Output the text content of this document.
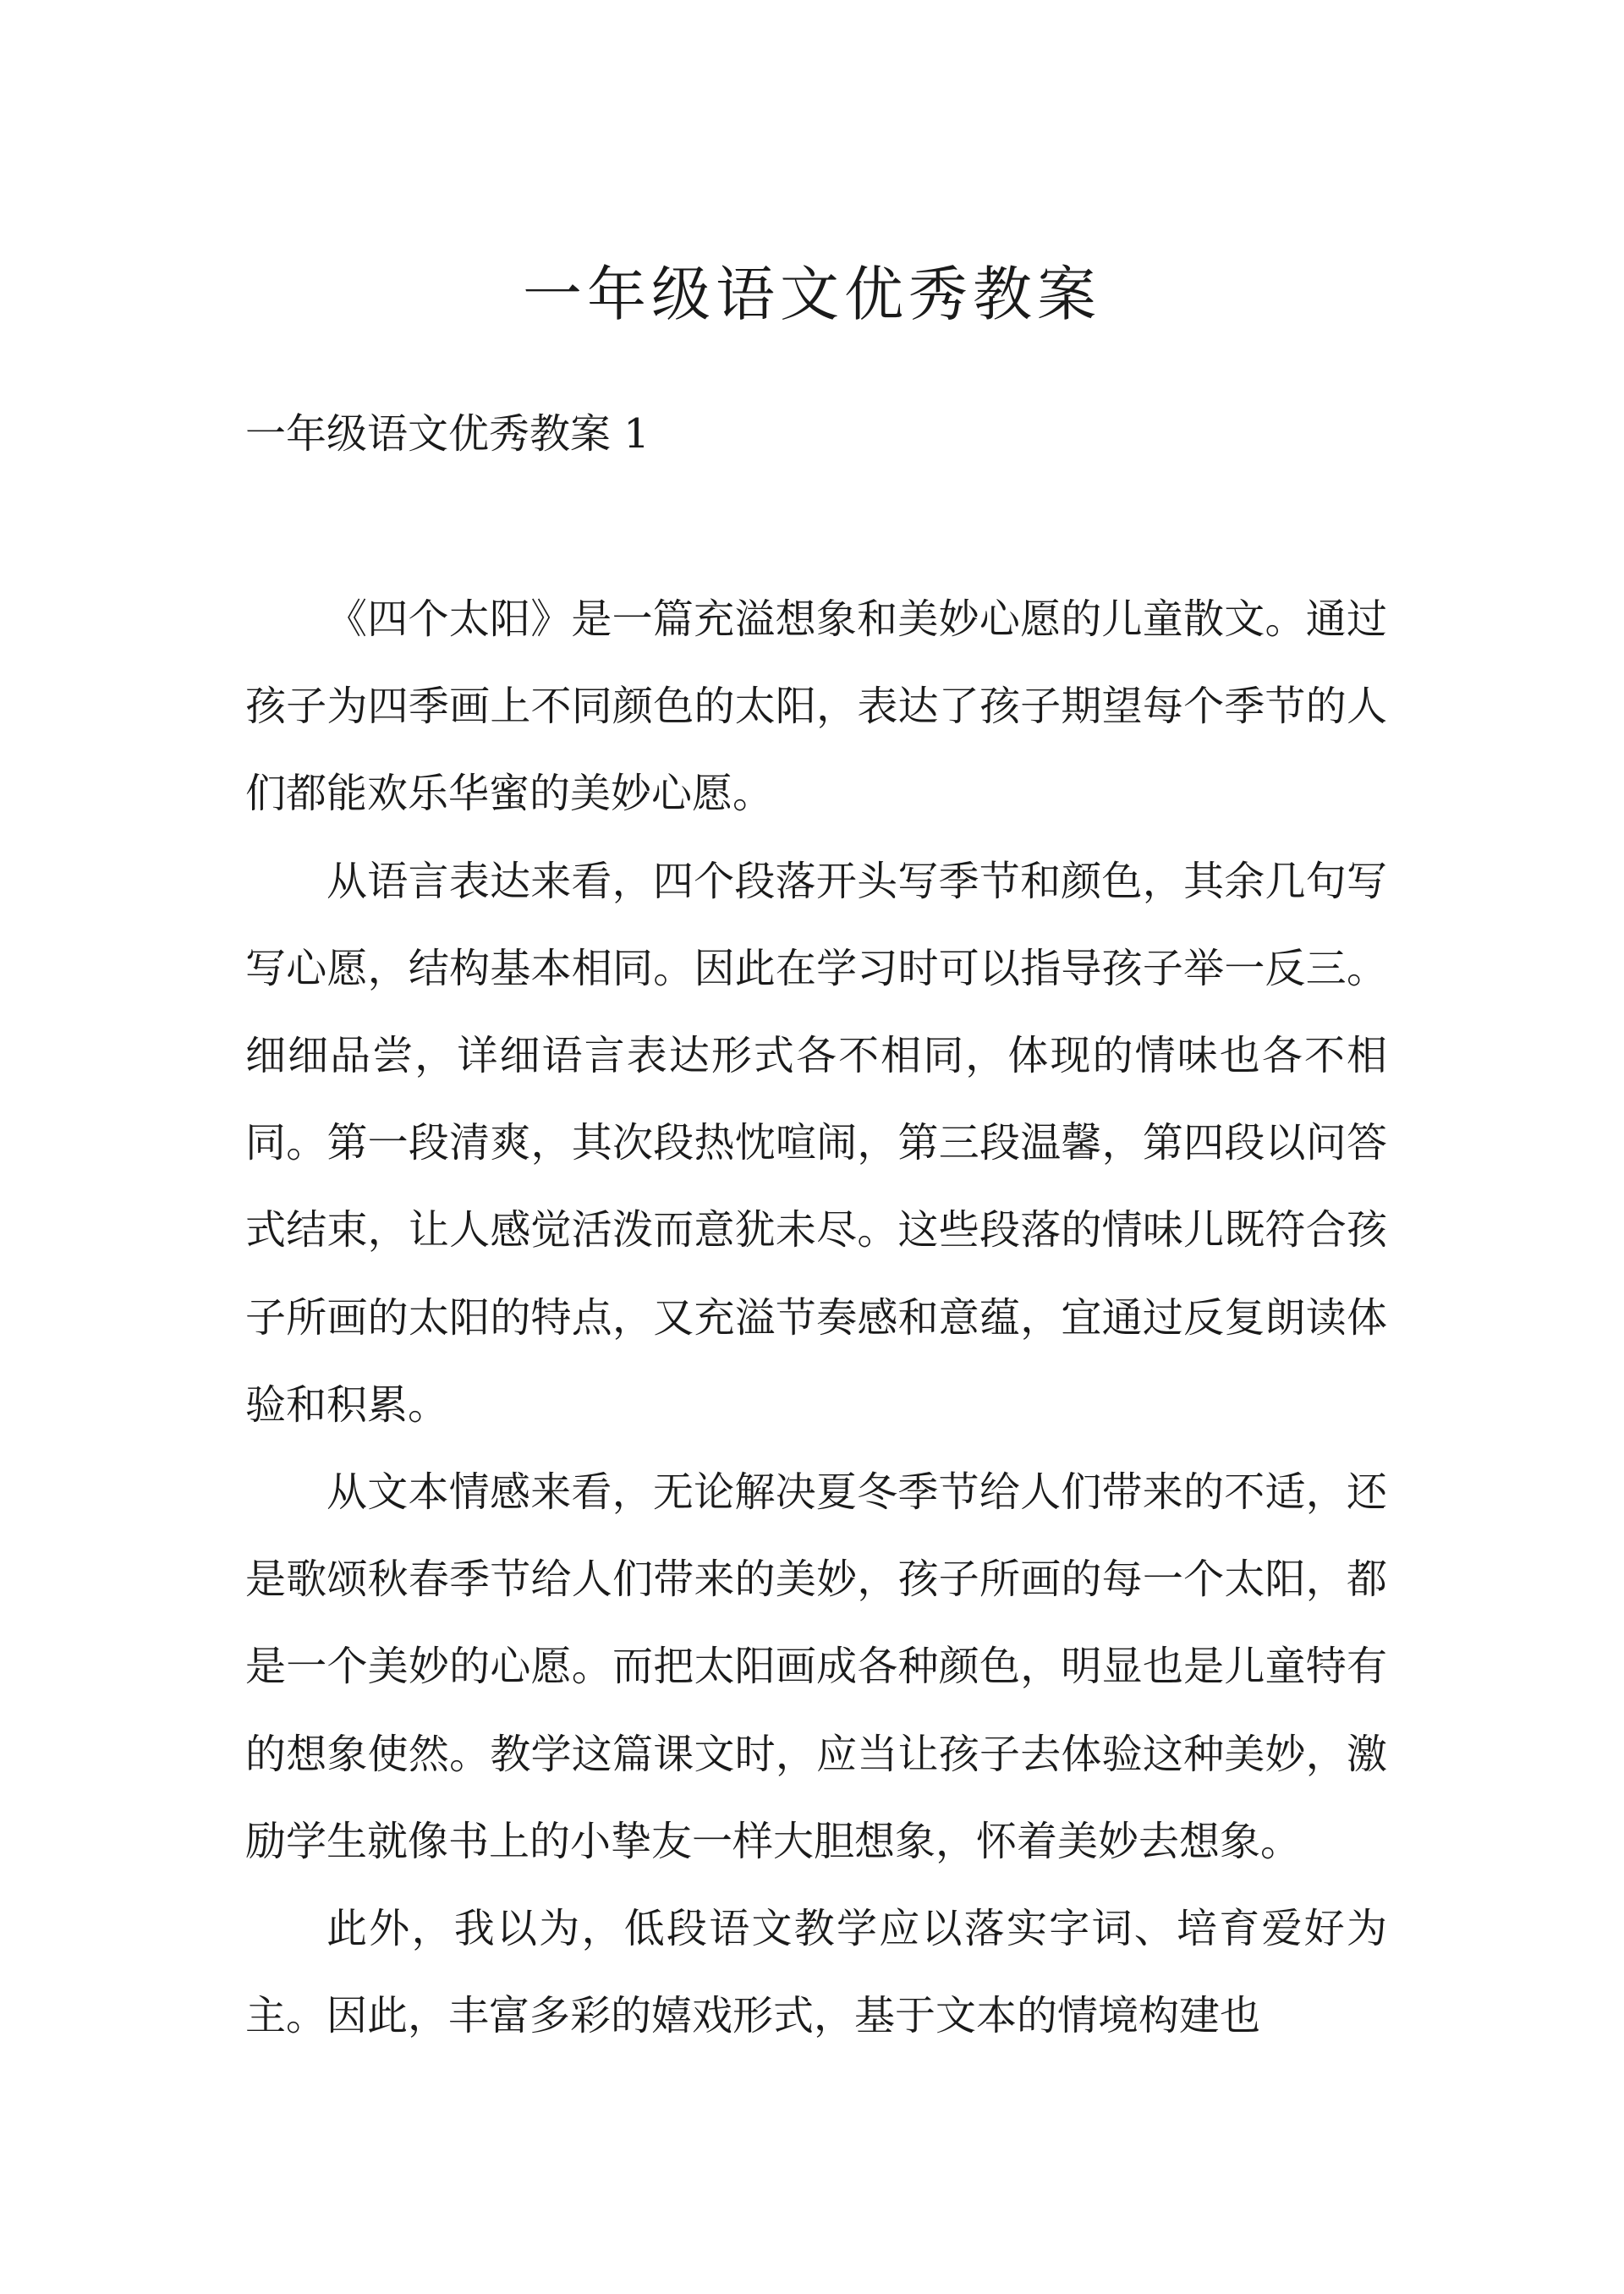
一年级语文优秀教案
一年级语文优秀教案 1

《四个太阳》是一篇充溢想象和美妙心愿的儿童散文。通过孩子为四季画上不同颜色的太阳，表达了孩子期望每个季节的人们都能欢乐华蜜的美妙心愿。

从语言表达来看，四个段落开头写季节和颜色，其余几句写写心愿，结构基本相同。因此在学习时可以指导孩子举一反三。细细品尝，详细语言表达形式各不相同，体现的情味也各不相同。第一段清爽，其次段热忱喧闹，第三段温馨，第四段以问答式结束，让人感觉活泼而意犹未尽。这些段落的情味儿既符合孩子所画的太阳的特点，又充溢节奏感和意蕴，宜通过反复朗读体验和积累。

从文本情感来看，无论解决夏冬季节给人们带来的不适，还是歌颂秋春季节给人们带来的美妙，孩子所画的每一个太阳，都是一个美妙的心愿。而把太阳画成各种颜色，明显也是儿童特有的想象使然。教学这篇课文时，应当让孩子去体验这种美妙，激励学生就像书上的小挚友一样大胆想象，怀着美妙去想象。

此外，我以为，低段语文教学应以落实字词、培育爱好为主。因此，丰富多彩的嬉戏形式，基于文本的情境构建也
